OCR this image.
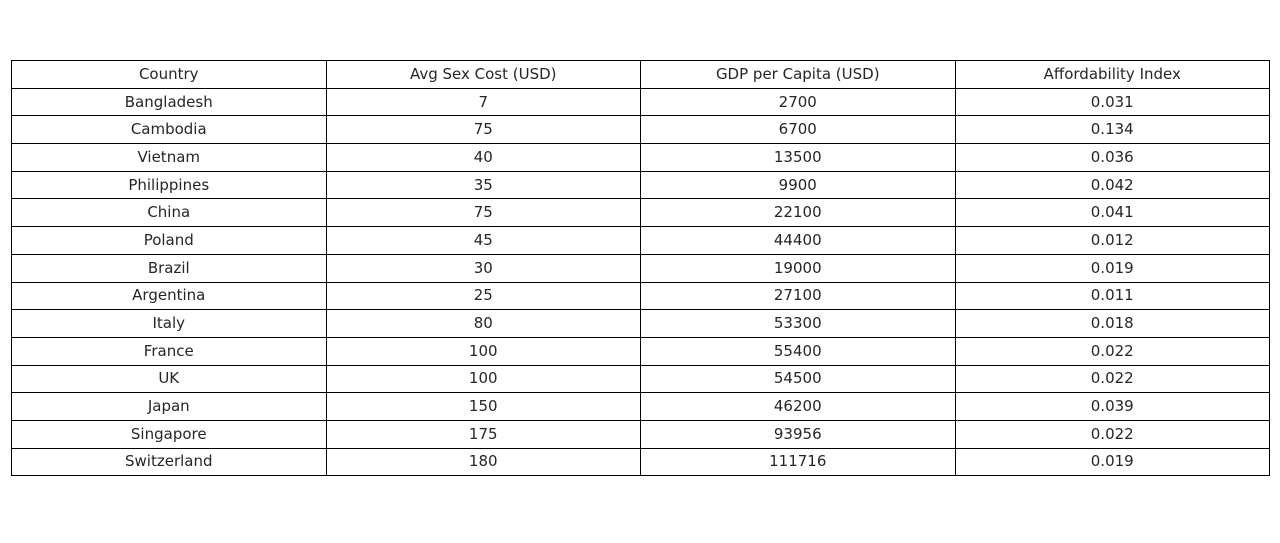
Country	Avg Sex Cost (USD)	GDP per Capita (USD)	Affordability Index
Bangladesh	7	2700	0.031
Cambodia	75	6700	0.134
Vietnam	40	13500	0.036
Philippines	35	9900	0.042
China	75	22100	0.041
Poland	45	44400	0.012
Brazil	30	19000	0.019
Argentina	25	27100	0.011
Italy	80	53300	0.018
France	100	55400	0.022
UK	100	54500	0.022
Japan	150	46200	0.039
Singapore	175	93956	0.022
Switzerland	180	111716	0.019
